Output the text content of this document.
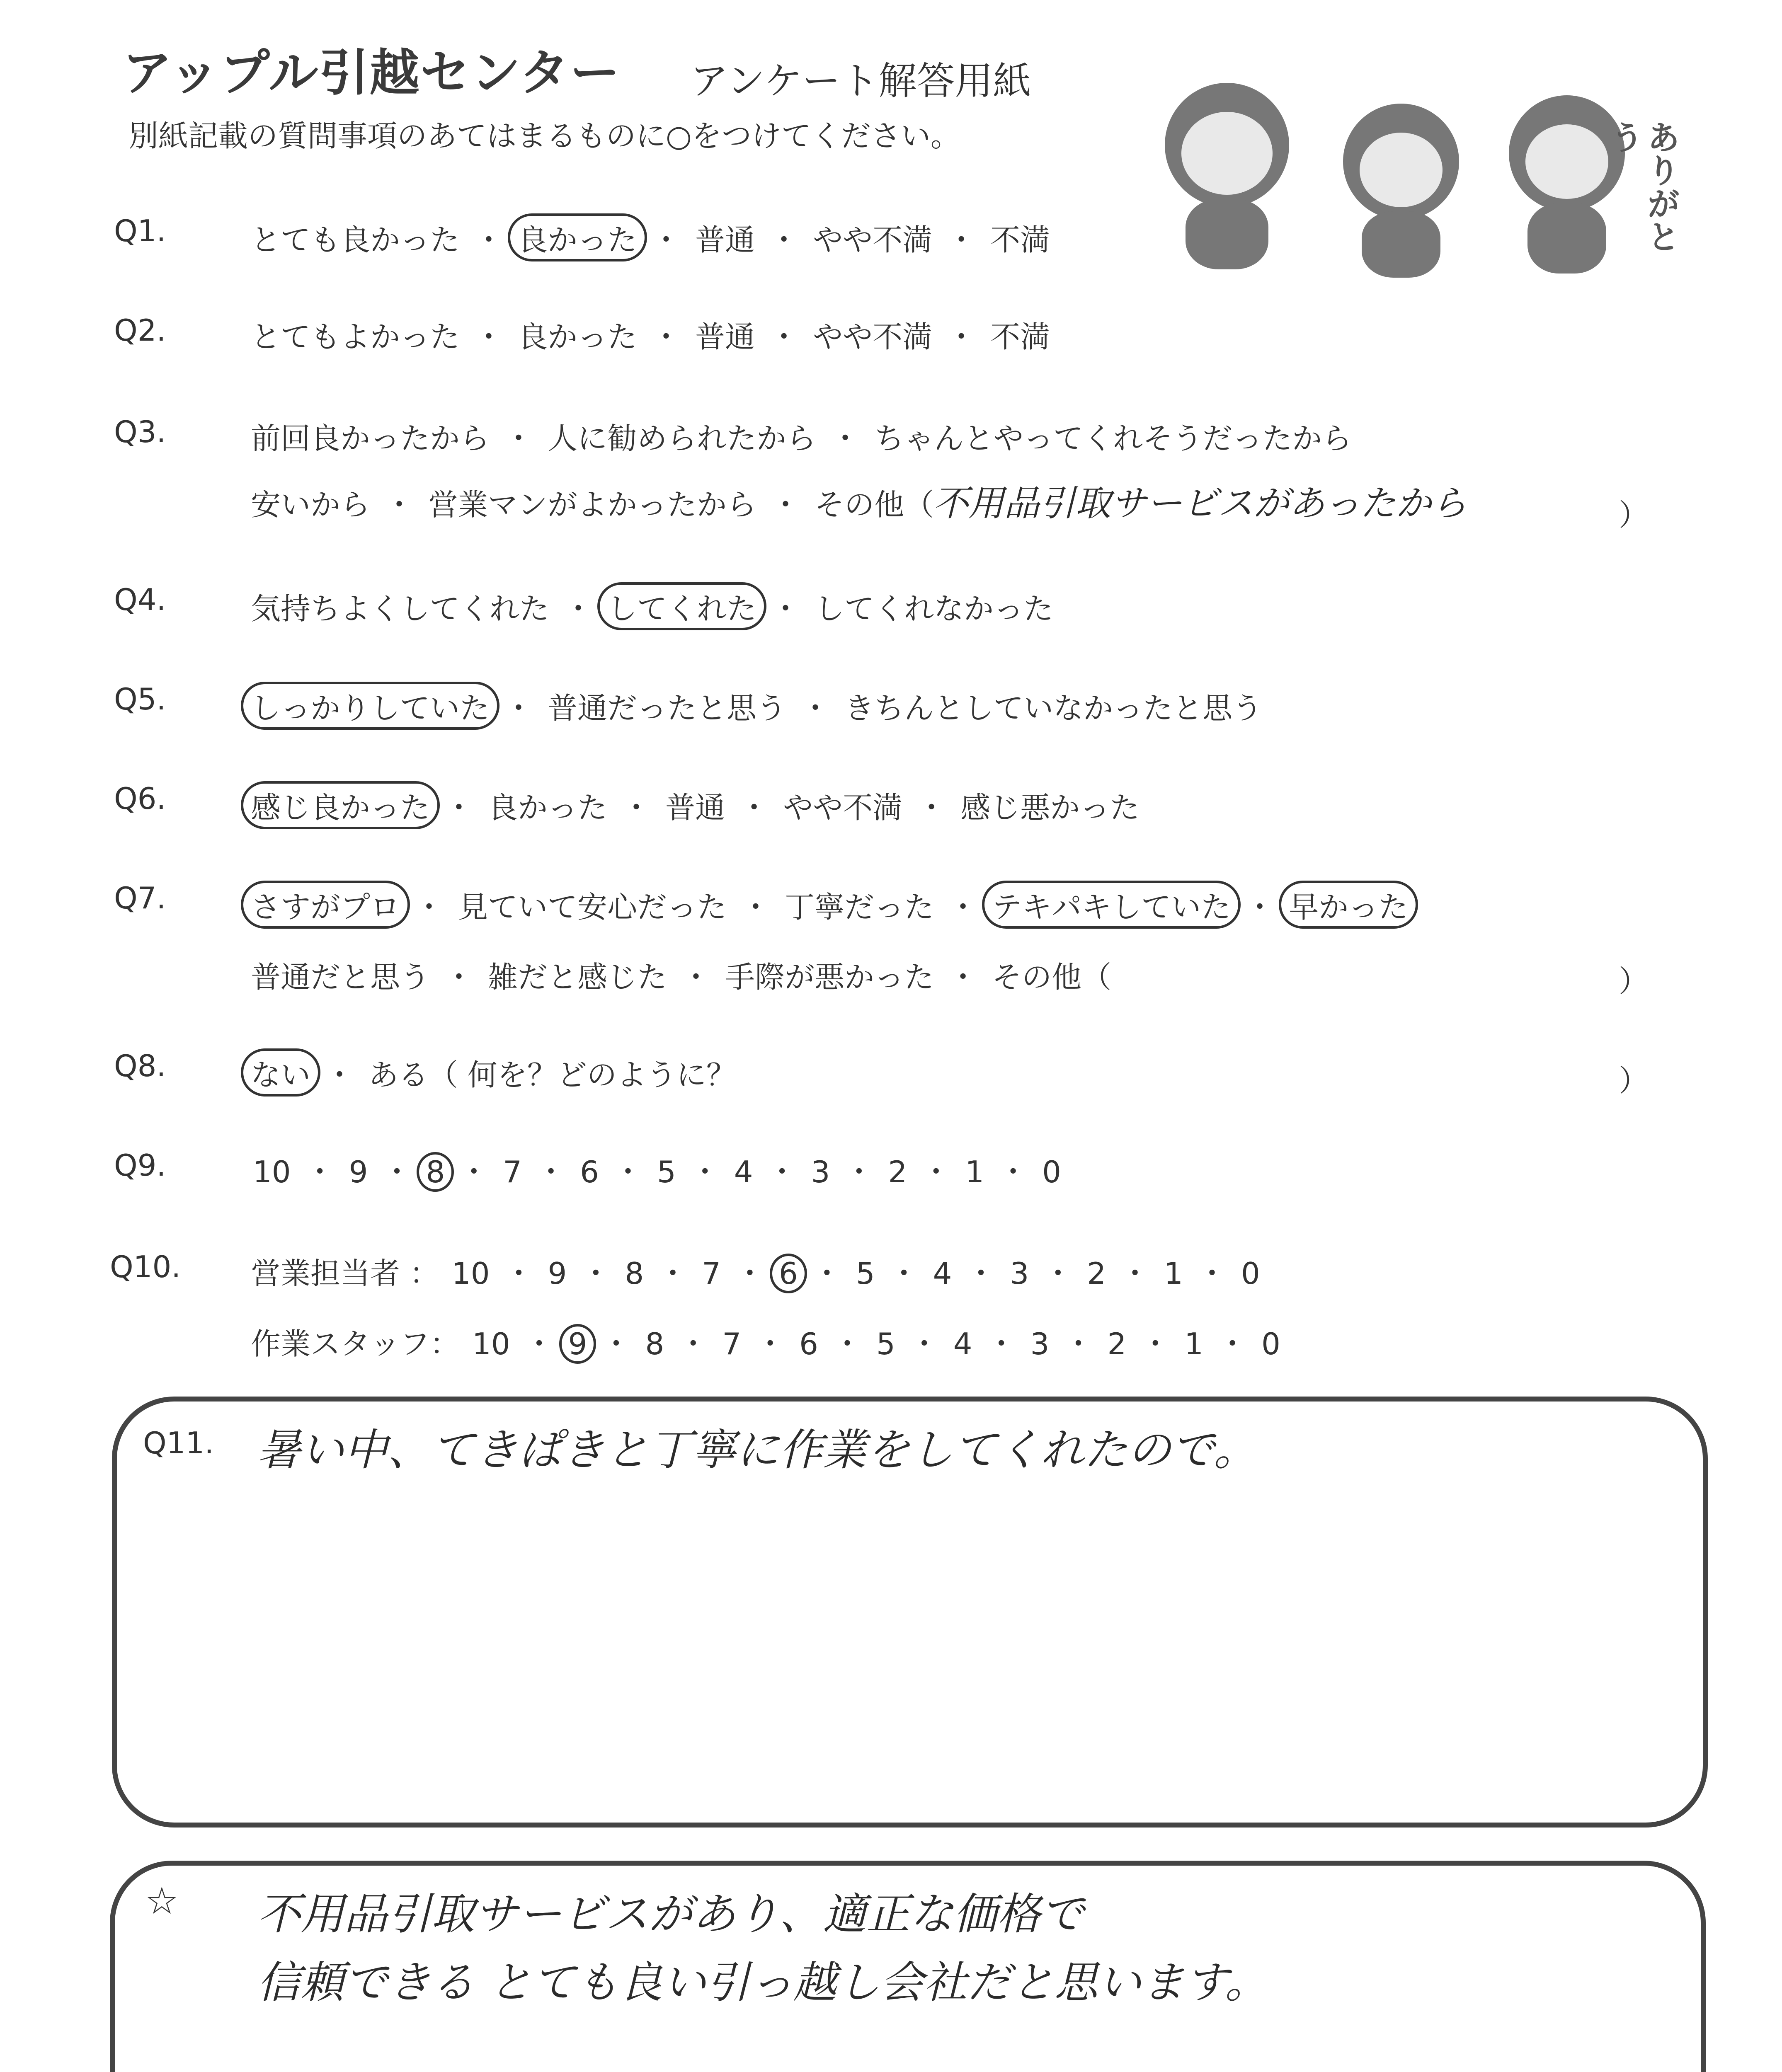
アップル引越センター アンケート解答用紙
別紙記載の質問事項のあてはまるものに○をつけてください。	ありがとう
Q1.	とても良かった ・ 良かった ・ 普通 ・ やや不満 ・ 不満
Q2.	とてもよかった ・ 良かった ・ 普通 ・ やや不満 ・ 不満
Q3.	前回良かったから ・ 人に勧められたから ・ ちゃんとやってくれそうだったから
安いから ・ 営業マンがよかったから ・ その他（
不用品引取サービスがあったから	）
Q4.	気持ちよくしてくれた ・ してくれた ・ してくれなかった
Q5.	しっかりしていた ・ 普通だったと思う ・ きちんとしていなかったと思う
Q6.	感じ良かった ・ 良かった ・ 普通 ・ やや不満 ・ 感じ悪かった
Q7.	さすがプロ ・ 見ていて安心だった ・ 丁寧だった ・ テキパキしていた ・ 早かった
普通だと思う ・ 雑だと感じた ・ 手際が悪かった ・ その他（	）
Q8.	ない ・ ある（ 何を？どのように？	）
Q9.	10 ・ 9 ・ 8 ・ 7 ・ 6 ・ 5 ・ 4 ・ 3 ・ 2 ・ 1 ・ 0
Q10. 営業担当者 ： 10 ・ 9 ・ 8 ・ 7 ・ 6 ・ 5 ・ 4 ・ 3 ・ 2 ・ 1 ・ 0
作業スタッフ： 10 ・ 9 ・ 8 ・ 7 ・ 6 ・ 5 ・ 4 ・ 3 ・ 2 ・ 1 ・ 0
Q11. 暑い中、てきぱきと丁寧に作業をしてくれたので。
☆ 不用品引取サービスがあり、適正な価格で
信頼できる とても良い引っ越し会社だと思います。
